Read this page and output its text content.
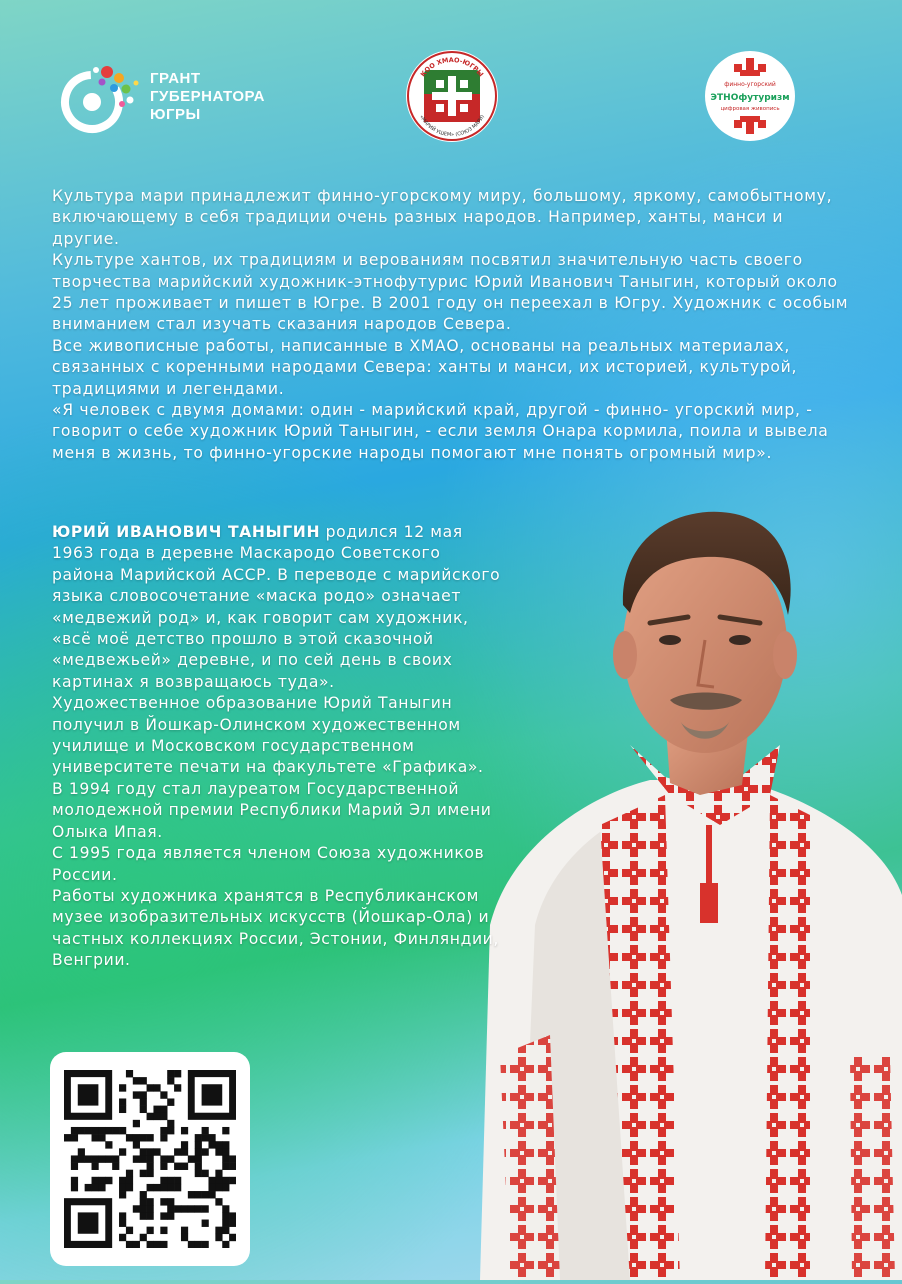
ГРАНТ
ГУБЕРНАТОРА
ЮГРЫ
КОО ХМАО-ЮГРЫ
«МАРИЙ УШЕМ» (СОЮЗ МАРИ)
финно-угорский
ЭТНОфутуризм
цифровая живопись

Культура мари принадлежит финно-угорскому миру, большому, яркому, самобытному, включающему в себя традиции очень разных народов. Например, ханты, манси и другие.

Культуре хантов, их традициям и верованиям посвятил значительную часть своего творчества марийский художник-этнофутурис Юрий Иванович Таныгин, который около 25 лет проживает и пишет в Югре. В 2001 году он переехал в Югру. Художник с особым вниманием стал изучать сказания народов Севера.

Все живописные работы, написанные в ХМАО, основаны на реальных материалах, связанных с коренными народами Севера: ханты и манси, их историей, культурой, традициями и легендами.

«Я человек с двумя домами: один - марийский край, другой - финно- угорский мир, - говорит о себе художник Юрий Таныгин, - если земля Онара кормила, поила и вывела меня в жизнь, то финно-угорские народы помогают мне понять огромный мир».

ЮРИЙ ИВАНОВИЧ ТАНЫГИН родился 12 мая 1963 года в деревне Маскародо Советского района Марийской АССР. В переводе с марийского языка словосочетание «маска родо» означает «медвежий род» и, как говорит сам художник, «всё моё детство прошло в этой сказочной «медвежьей» деревне, и по сей день в своих картинах я возвращаюсь туда».

Художественное образование Юрий Таныгин получил в Йошкар-Олинском художественном училище и Московском государственном университете печати на факультете «Графика».

В 1994 году стал лауреатом Государственной молодежной премии Республики Марий Эл имени Олыка Ипая.

С 1995 года является членом Союза художников России.

Работы художника хранятся в Республиканском музее изобразительных искусств (Йошкар-Ола) и частных коллекциях России, Эстонии, Финляндии, Венгрии.
